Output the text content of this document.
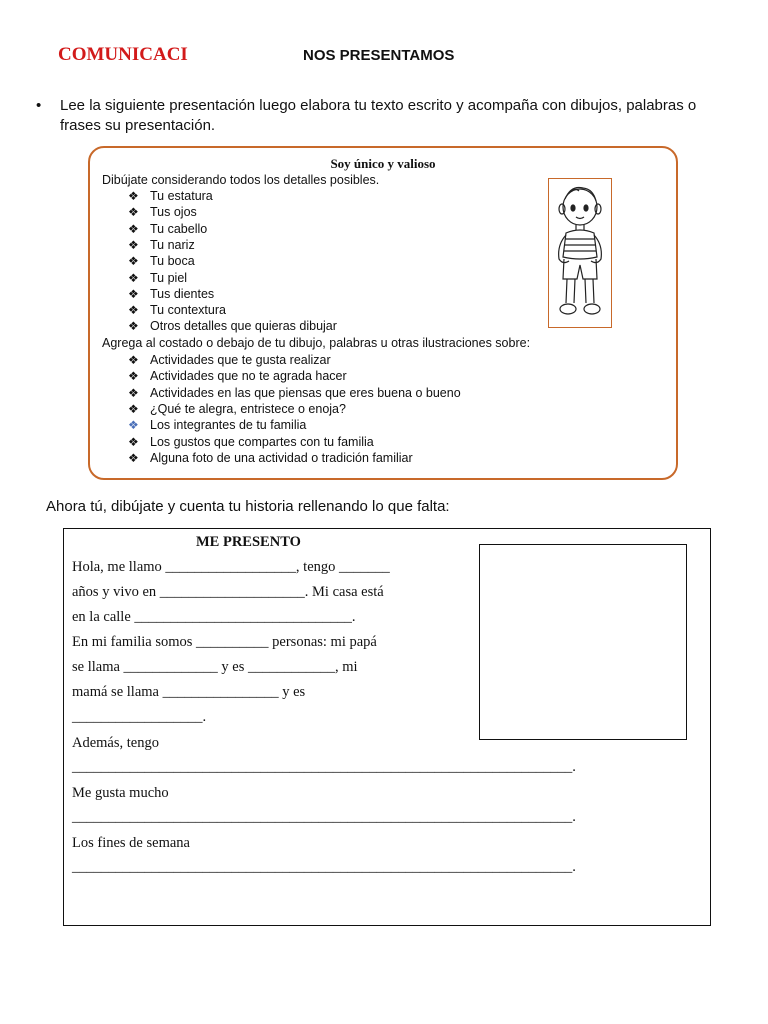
COMUNICACI	NOS PRESENTAMOS
• Lee la siguiente presentación luego elabora tu texto escrito y acompaña con dibujos, palabras o frases su presentación.
Soy único y valioso
Dibújate considerando todos los detalles posibles.
❖ Tu estatura
❖ Tus ojos
❖ Tu cabello
❖ Tu nariz
❖ Tu boca
❖ Tu piel
❖ Tus dientes
❖ Tu contextura
❖ Otros detalles que quieras dibujar
Agrega al costado o debajo de tu dibujo, palabras u otras ilustraciones sobre:
❖ Actividades que te gusta realizar
❖ Actividades que no te agrada hacer
❖ Actividades en las que piensas que eres buena o bueno
❖ ¿Qué te alegra, entristece o enoja?
❖ Los integrantes de tu familia
❖ Los gustos que compartes con tu familia
❖ Alguna foto de una actividad o tradición familiar
Ahora tú, dibújate y cuenta tu historia rellenando lo que falta:
ME PRESENTO
Hola, me llamo __________________, tengo _______
años y vivo en ____________________. Mi casa está
en la calle ______________________________.
En mi familia somos __________ personas: mi papá
se llama _____________ y es ____________, mi
mamá se llama ________________ y es
__________________.
Además, tengo
_____________________________________________________________________.
Me gusta mucho
_____________________________________________________________________.
Los fines de semana
_____________________________________________________________________.
